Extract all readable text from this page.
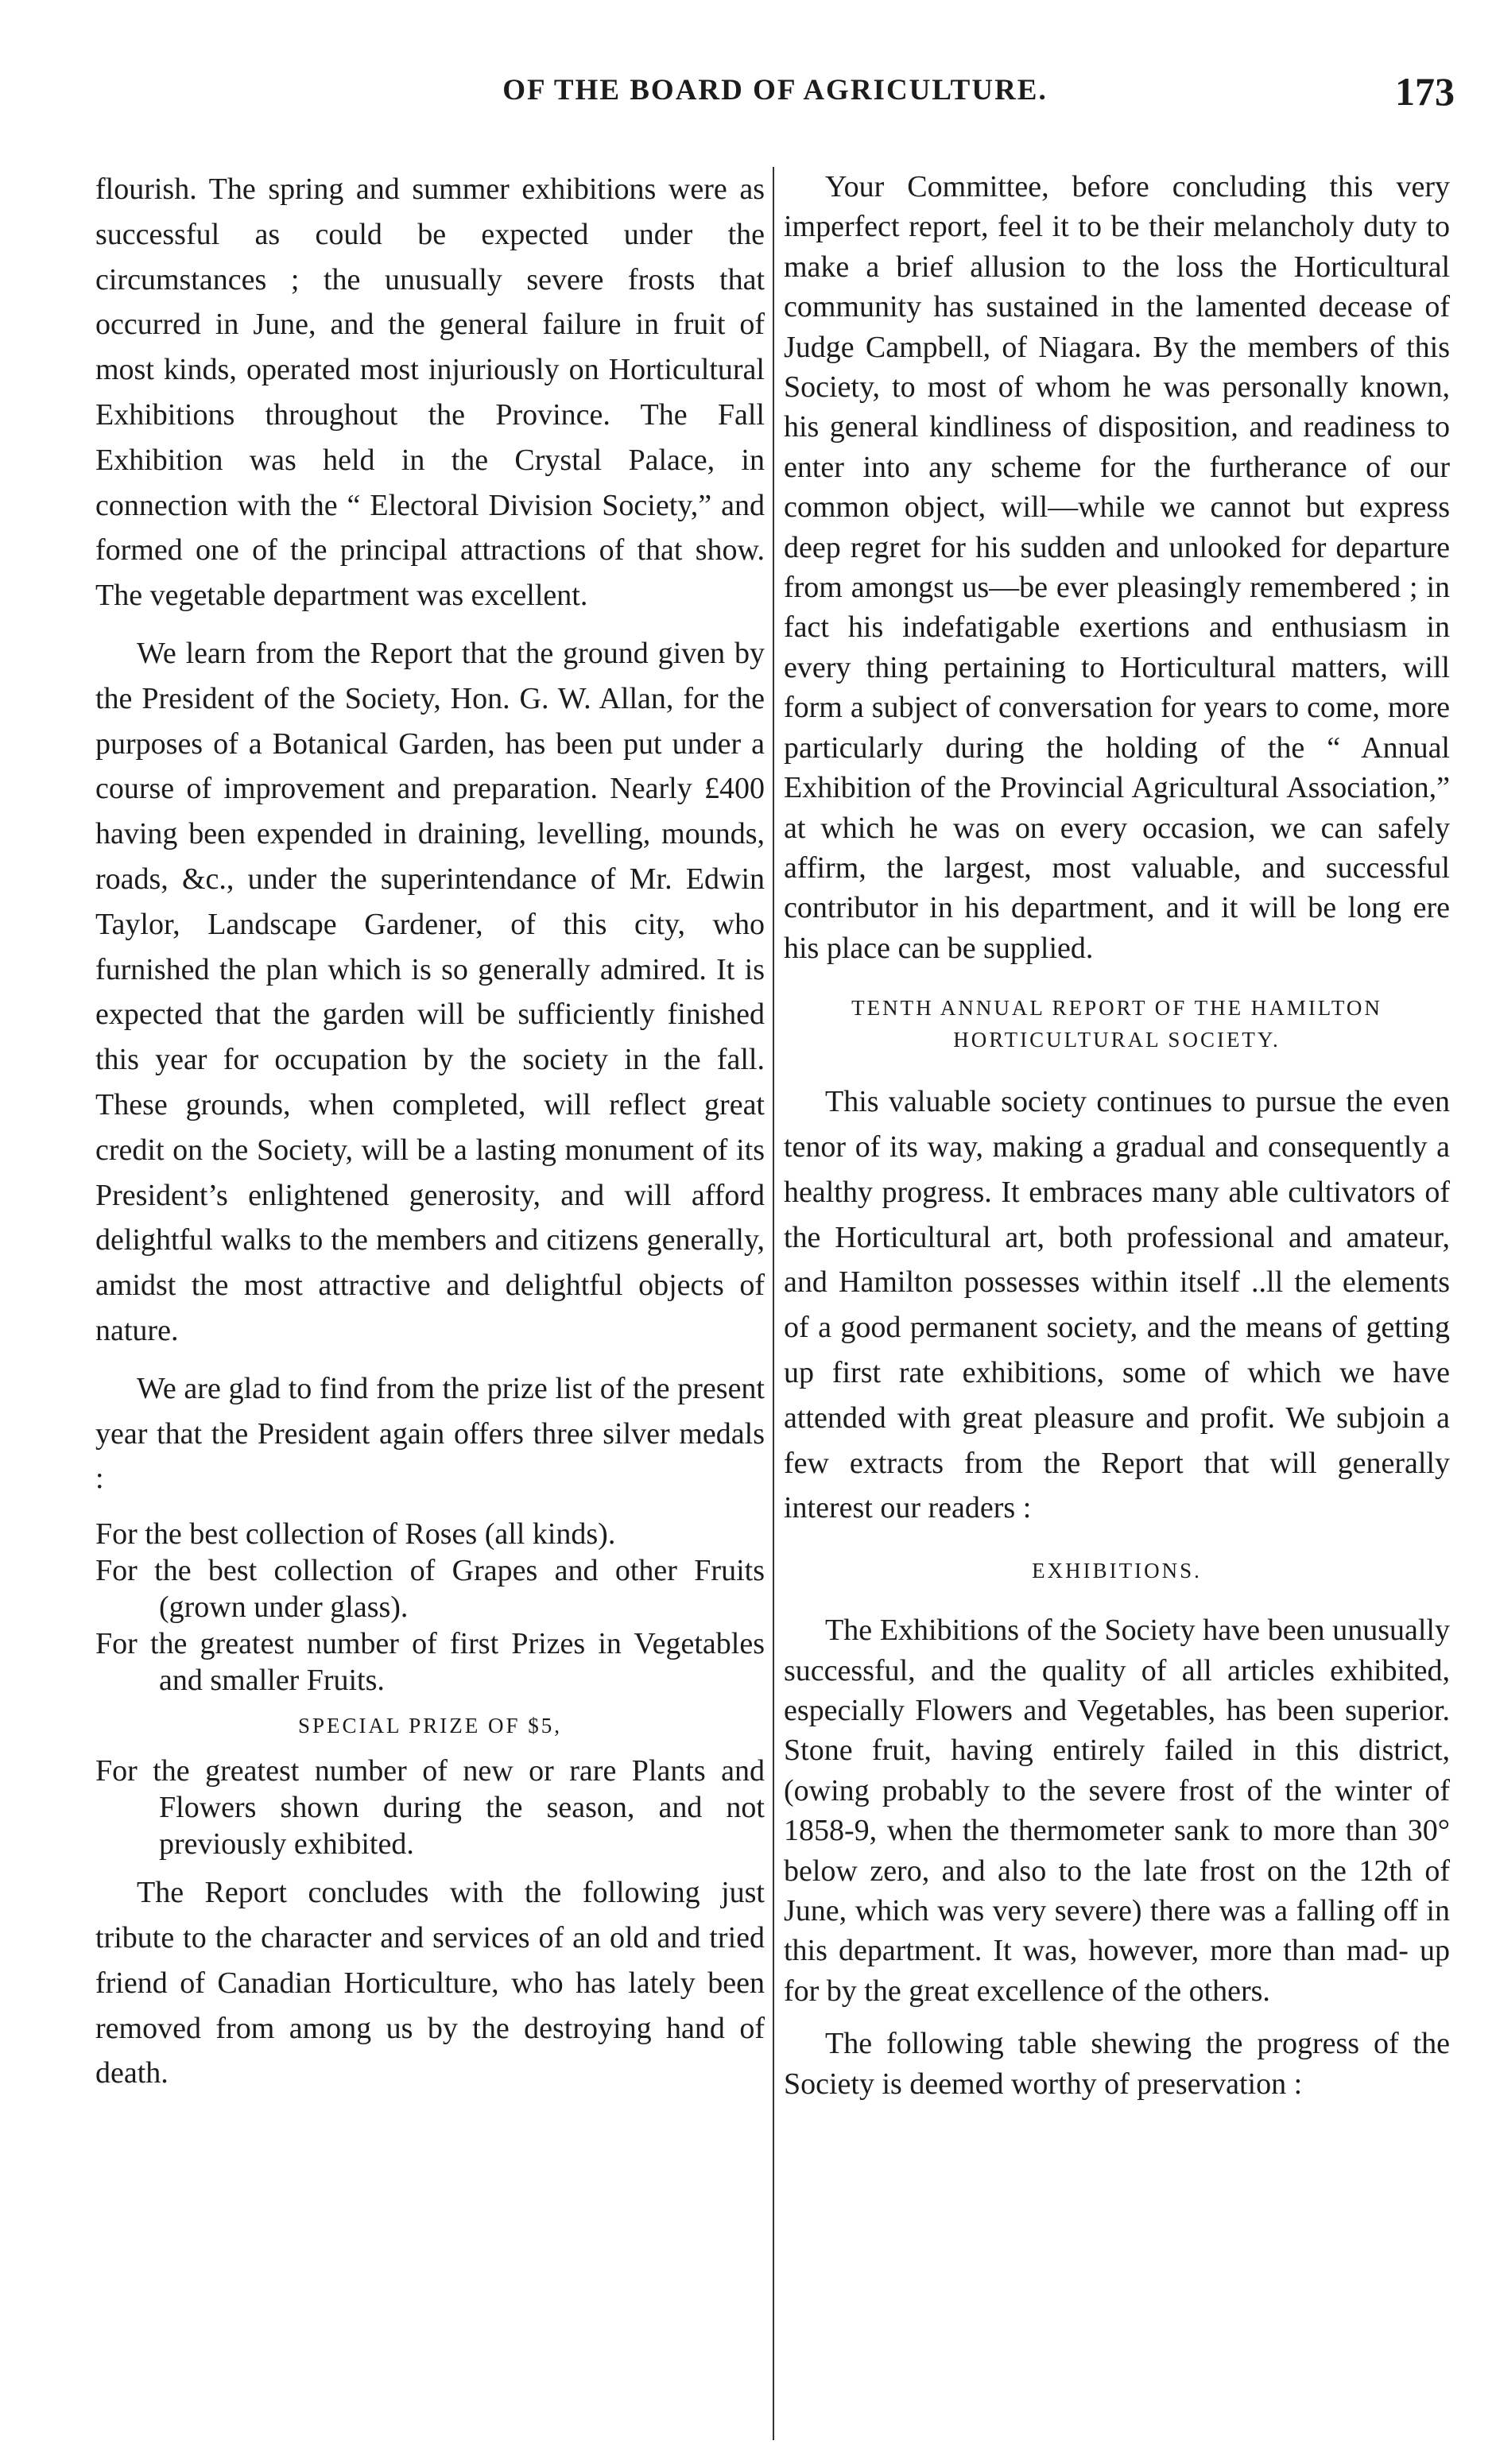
OF THE BOARD OF AGRICULTURE.	173

flourish. The spring and summer exhibitions were as successful as could be expected under the circumstances ; the unusually severe frosts that occurred in June, and the general failure in fruit of most kinds, operated most injuriously on Horticultural Exhibitions throughout the Province. The Fall Exhibition was held in the Crystal Palace, in connection with the “ Electoral Division Society,” and formed one of the principal attractions of that show. The vegetable department was excellent.

We learn from the Report that the ground given by the President of the Society, Hon. G. W. Allan, for the purposes of a Botanical Garden, has been put under a course of improvement and preparation. Nearly £400 having been expended in draining, levelling, mounds, roads, &c., under the superintendance of Mr. Edwin Taylor, Landscape Gardener, of this city, who furnished the plan which is so generally admired. It is expected that the garden will be sufficiently finished this year for occupation by the society in the fall. These grounds, when completed, will reflect great credit on the Society, will be a lasting monument of its President’s enlightened generosity, and will afford delightful walks to the members and citizens generally, amidst the most attractive and delightful objects of nature.

We are glad to find from the prize list of the present year that the President again offers three silver medals :

For the best collection of Roses (all kinds).
For the best collection of Grapes and other Fruits (grown under glass).
For the greatest number of first Prizes in Vegetables and smaller Fruits.
SPECIAL PRIZE OF $5,
For the greatest number of new or rare Plants and Flowers shown during the season, and not previously exhibited.

The Report concludes with the following just tribute to the character and services of an old and tried friend of Canadian Horticulture, who has lately been removed from among us by the destroying hand of death.

Your Committee, before concluding this very imperfect report, feel it to be their melancholy duty to make a brief allusion to the loss the Horticultural community has sustained in the lamented decease of Judge Campbell, of Niagara. By the members of this Society, to most of whom he was personally known, his general kindliness of disposition, and readiness to enter into any scheme for the furtherance of our common object, will—while we cannot but express deep regret for his sudden and unlooked for departure from amongst us—be ever pleasingly remembered ; in fact his indefatigable exertions and enthusiasm in every thing pertaining to Horticultural matters, will form a subject of conversation for years to come, more particularly during the holding of the “ Annual Exhibition of the Provincial Agricultural Association,” at which he was on every occasion, we can safely affirm, the largest, most valuable, and successful contributor in his department, and it will be long ere his place can be supplied.

TENTH ANNUAL REPORT OF THE HAMILTON
HORTICULTURAL SOCIETY.

This valuable society continues to pursue the even tenor of its way, making a gradual and consequently a healthy progress. It embraces many able cultivators of the Horticultural art, both professional and amateur, and Hamilton possesses within itself ..ll the elements of a good permanent society, and the means of getting up first rate exhibitions, some of which we have attended with great pleasure and profit. We subjoin a few extracts from the Report that will generally interest our readers :

EXHIBITIONS.

The Exhibitions of the Society have been unusually successful, and the quality of all articles exhibited, especially Flowers and Vegetables, has been superior. Stone fruit, having entirely failed in this district, (owing probably to the severe frost of the winter of 1858-9, when the thermometer sank to more than 30° below zero, and also to the late frost on the 12th of June, which was very severe) there was a falling off in this department. It was, however, more than mad- up for by the great excellence of the others.

The following table shewing the progress of the Society is deemed worthy of preservation :
